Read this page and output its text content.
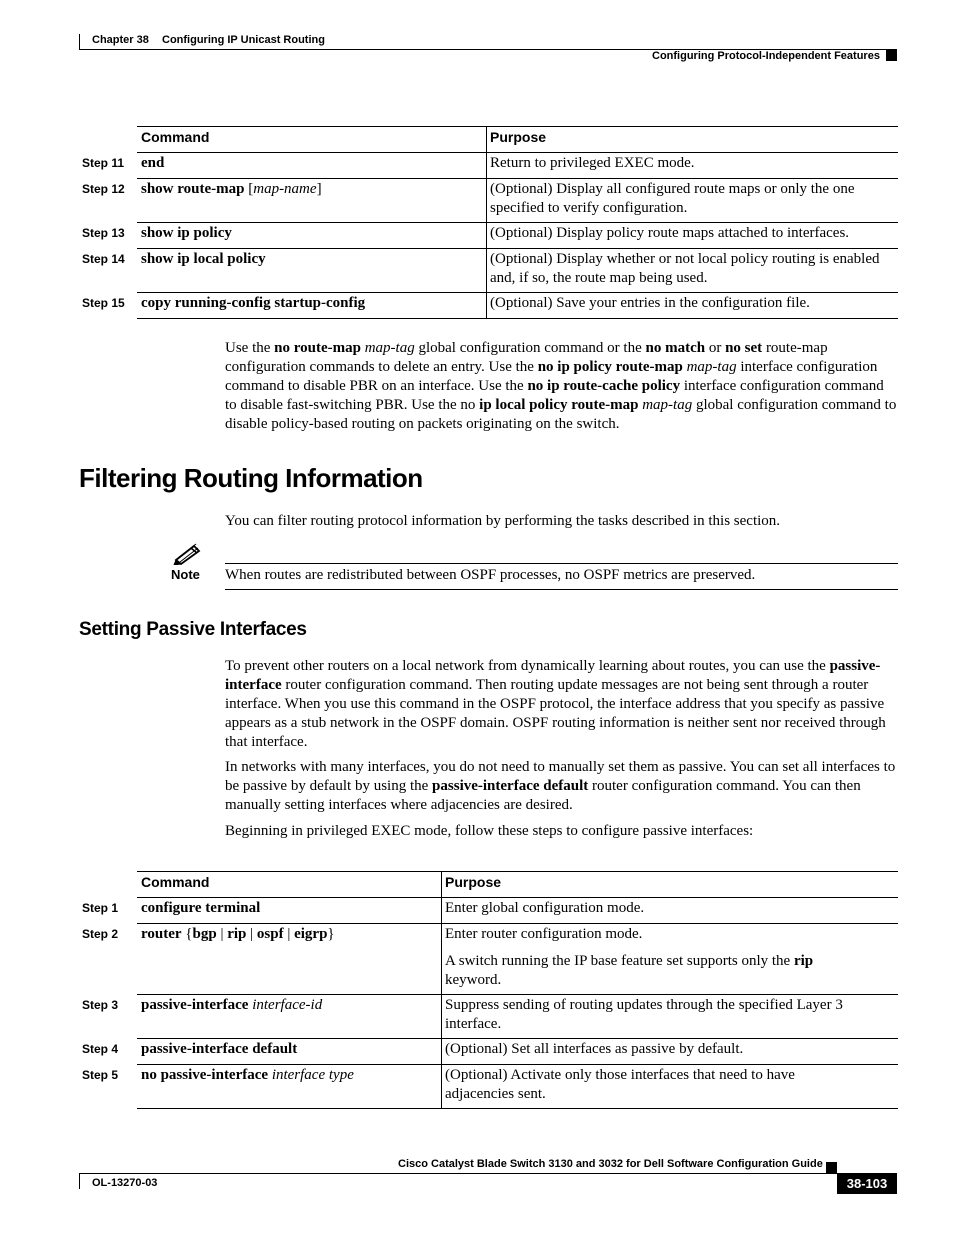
Chapter 38 Configuring IP Unicast Routing
Configuring Protocol-Independent Features
Command	Purpose
Step 11 end	Return to privileged EXEC mode.
Step 12 show route-map [map-name]	(Optional) Display all configured route maps or only the one specified to verify configuration.
Step 13 show ip policy	(Optional) Display policy route maps attached to interfaces.
Step 14 show ip local policy	(Optional) Display whether or not local policy routing is enabled and, if so, the route map being used.
Step 15 copy running-config startup-config	(Optional) Save your entries in the configuration file.
Use the no route-map map-tag global configuration command or the no match or no set route-map configuration commands to delete an entry. Use the no ip policy route-map map-tag interface configuration command to disable PBR on an interface. Use the no ip route-cache policy interface configuration command to disable fast-switching PBR. Use the no ip local policy route-map map-tag global configuration command to disable policy-based routing on packets originating on the switch.
Filtering Routing Information
You can filter routing protocol information by performing the tasks described in this section.
Note When routes are redistributed between OSPF processes, no OSPF metrics are preserved.
Setting Passive Interfaces
To prevent other routers on a local network from dynamically learning about routes, you can use the passive-interface router configuration command. Then routing update messages are not being sent through a router interface. When you use this command in the OSPF protocol, the interface address that you specify as passive appears as a stub network in the OSPF domain. OSPF routing information is neither sent nor received through that interface.
In networks with many interfaces, you do not need to manually set them as passive. You can set all interfaces to be passive by default by using the passive-interface default router configuration command. You can then manually setting interfaces where adjacencies are desired.
Beginning in privileged EXEC mode, follow these steps to configure passive interfaces:
Command	Purpose
Step 1 configure terminal	Enter global configuration mode.
Step 2 router {bgp | rip | ospf | eigrp}	Enter router configuration mode.
A switch running the IP base feature set supports only the rip
keyword.
Step 3 passive-interface interface-id	Suppress sending of routing updates through the specified Layer 3 interface.
Step 4 passive-interface default	(Optional) Set all interfaces as passive by default.
Step 5 no passive-interface interface type	(Optional) Activate only those interfaces that need to have adjacencies sent.
Cisco Catalyst Blade Switch 3130 and 3032 for Dell Software Configuration Guide
OL-13270-03	38-103
